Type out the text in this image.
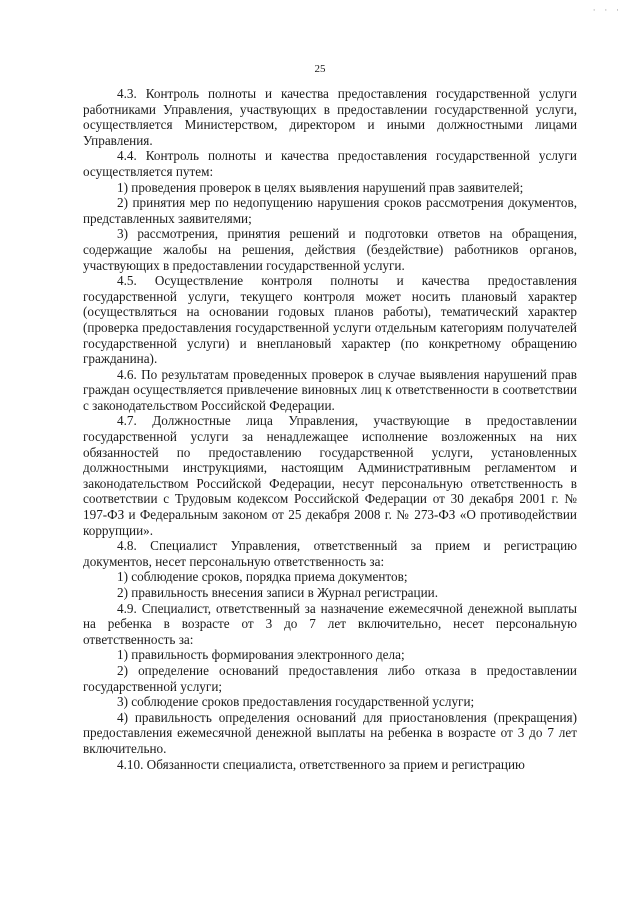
· · ·
25

4.3. Контроль полноты и качества предоставления государственной услуги работниками Управления, участвующих в предоставлении государственной услуги, осуществляется Министерством, директором и иными должностными лицами Управления.

4.4. Контроль полноты и качества предоставления государственной услуги осуществляется путем:

1) проведения проверок в целях выявления нарушений прав заявителей;

2) принятия мер по недопущению нарушения сроков рассмотрения документов, представленных заявителями;

3) рассмотрения, принятия решений и подготовки ответов на обращения, содержащие жалобы на решения, действия (бездействие) работников органов, участвующих в предоставлении государственной услуги.

4.5. Осуществление контроля полноты и качества предоставления государственной услуги, текущего контроля может носить плановый характер (осуществляться на основании годовых планов работы), тематический характер (проверка предоставления государственной услуги отдельным категориям получателей государственной услуги) и внеплановый характер (по конкретному обращению гражданина).

4.6. По результатам проведенных проверок в случае выявления нарушений прав граждан осуществляется привлечение виновных лиц к ответственности в соответствии с законодательством Российской Федерации.

4.7. Должностные лица Управления, участвующие в предоставлении государственной услуги за ненадлежащее исполнение возложенных на них обязанностей по предоставлению государственной услуги, установленных должностными инструкциями, настоящим Административным регламентом и законодательством Российской Федерации, несут персональную ответственность в соответствии с Трудовым кодексом Российской Федерации от 30 декабря 2001 г. № 197-ФЗ и Федеральным законом от 25 декабря 2008 г. № 273-ФЗ «О противодействии коррупции».

4.8. Специалист Управления, ответственный за прием и регистрацию документов, несет персональную ответственность за:

1) соблюдение сроков, порядка приема документов;

2) правильность внесения записи в Журнал регистрации.

4.9. Специалист, ответственный за назначение ежемесячной денежной выплаты на ребенка в возрасте от 3 до 7 лет включительно, несет персональную ответственность за:

1) правильность формирования электронного дела;

2) определение оснований предоставления либо отказа в предоставлении государственной услуги;

3) соблюдение сроков предоставления государственной услуги;

4) правильность определения оснований для приостановления (прекращения) предоставления ежемесячной денежной выплаты на ребенка в возрасте от 3 до 7 лет включительно.

4.10. Обязанности специалиста, ответственного за прием и регистрацию
